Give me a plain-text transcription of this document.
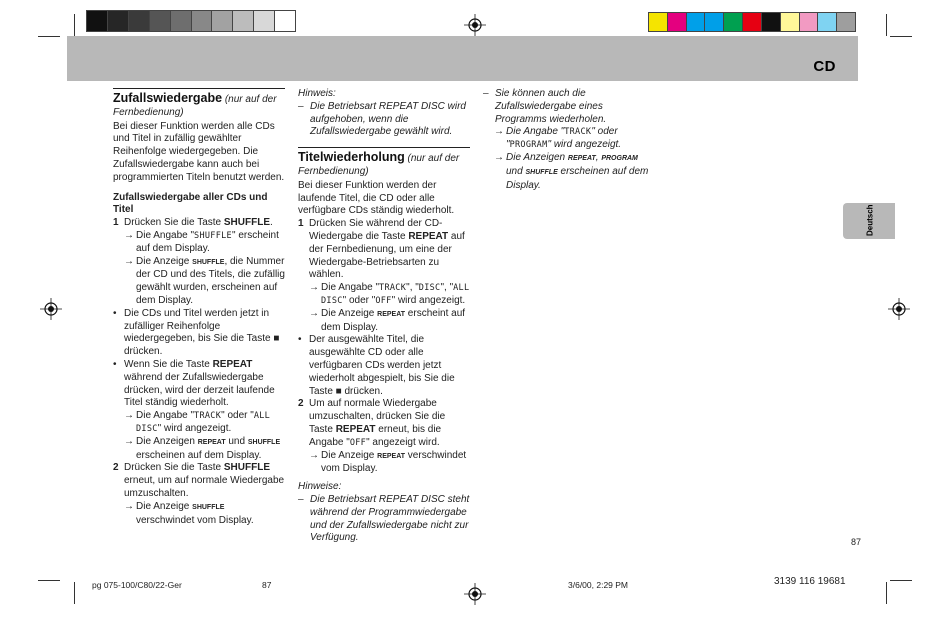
CD
Deutsch
Zufallswiedergabe (nur auf der Fernbedienung)
Bei dieser Funktion werden alle CDs und Titel in zufällig gewählter Reihenfolge wiedergegeben. Die Zufallswiedergabe kann auch bei programmierten Titeln benutzt werden.
Zufallswiedergabe aller CDs und Titel
1 Drücken Sie die Taste SHUFFLE.
→ Die Angabe "SHUFFLE" erscheint auf dem Display.
→ Die Anzeige SHUFFLE, die Nummer der CD und des Titels, die zufällig gewählt wurden, erscheinen auf dem Display.
• Die CDs und Titel werden jetzt in zufälliger Reihenfolge wiedergegeben, bis Sie die Taste ■ drücken.
• Wenn Sie die Taste REPEAT während der Zufallswiedergabe drücken, wird der derzeit laufende Titel ständig wiederholt.
→ Die Angabe "TRACK" oder "ALL DISC" wird angezeigt.
→ Die Anzeigen REPEAT und SHUFFLE erscheinen auf dem Display.
2 Drücken Sie die Taste SHUFFLE erneut, um auf normale Wiedergabe umzuschalten.
→ Die Anzeige SHUFFLE verschwindet vom Display.
Hinweis:
– Die Betriebsart REPEAT DISC wird aufgehoben, wenn die Zufallswiedergabe gewählt wird.
Titelwiederholung (nur auf der Fernbedienung)
Bei dieser Funktion werden der laufende Titel, die CD oder alle verfügbare CDs ständig wiederholt.
1 Drücken Sie während der CD-Wiedergabe die Taste REPEAT auf der Fernbedienung, um eine der Wiedergabe-Betriebsarten zu wählen.
→ Die Angabe "TRACK", "DISC", "ALL DISC" oder "OFF" wird angezeigt.
→ Die Anzeige REPEAT erscheint auf dem Display.
• Der ausgewählte Titel, die ausgewählte CD oder alle verfügbaren CDs werden jetzt wiederholt abgespielt, bis Sie die Taste ■ drücken.
2 Um auf normale Wiedergabe umzuschalten, drücken Sie die Taste REPEAT erneut, bis die Angabe "OFF" angezeigt wird.
→ Die Anzeige REPEAT verschwindet vom Display.
Hinweise:
– Die Betriebsart REPEAT DISC steht während der Programmwiedergabe und der Zufallswiedergabe nicht zur Verfügung.
– Sie können auch die Zufallswiedergabe eines Programms wiederholen.
→ Die Angabe "TRACK" oder "PROGRAM" wird angezeigt.
→ Die Anzeigen REPEAT, PROGRAM und SHUFFLE erscheinen auf dem Display.
87
pg 075-100/C80/22-Ger	87	3/6/00, 2:29 PM	3139 116 19681
